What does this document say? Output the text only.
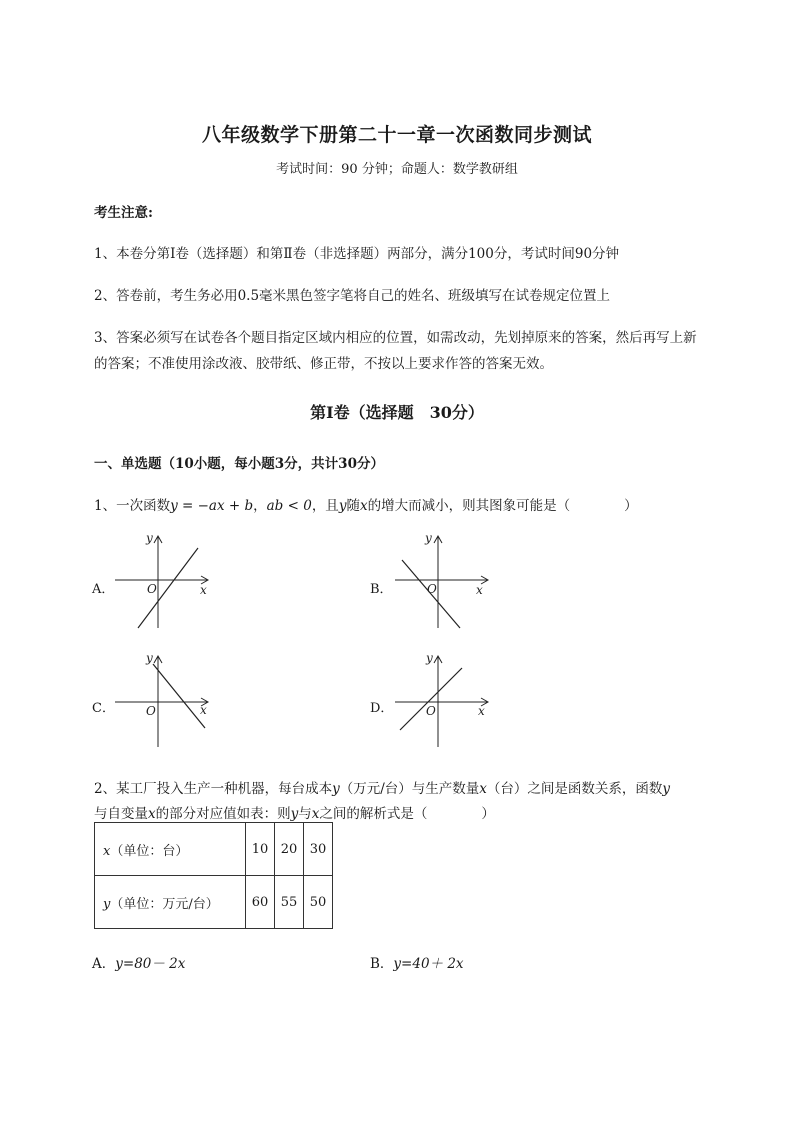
八年级数学下册第二十一章一次函数同步测试
考试时间：90 分钟；命题人：数学教研组
考生注意:
1、本卷分第I卷（选择题）和第Ⅱ卷（非选择题）两部分，满分100分，考试时间90分钟
2、答卷前，考生务必用0.5毫米黑色签字笔将自己的姓名、班级填写在试卷规定位置上
3、答案必须写在试卷各个题目指定区域内相应的位置，如需改动，先划掉原来的答案，然后再写上新
的答案；不准使用涂改液、胶带纸、修正带，不按以上要求作答的答案无效。
第I卷（选择题　30分）
一、单选题（10小题，每小题3分，共计30分）
1、一次函数y = −ax + b，ab < 0，且y随x的增大而减小，则其图象可能是（　　　　）
A．	x
y
O	B．	x
y
O
C．	x
y
O	D．	x
y
O
2、某工厂投入生产一种机器，每台成本y（万元/台）与生产数量x（台）之间是函数关系，函数y
与自变量x的部分对应值如表：则y与x之间的解析式是（　　　　）
x（单位：台）	10	20	30
y（单位：万元/台）	60	55	50
A．y=80－ 2x	B．y=40＋ 2x
